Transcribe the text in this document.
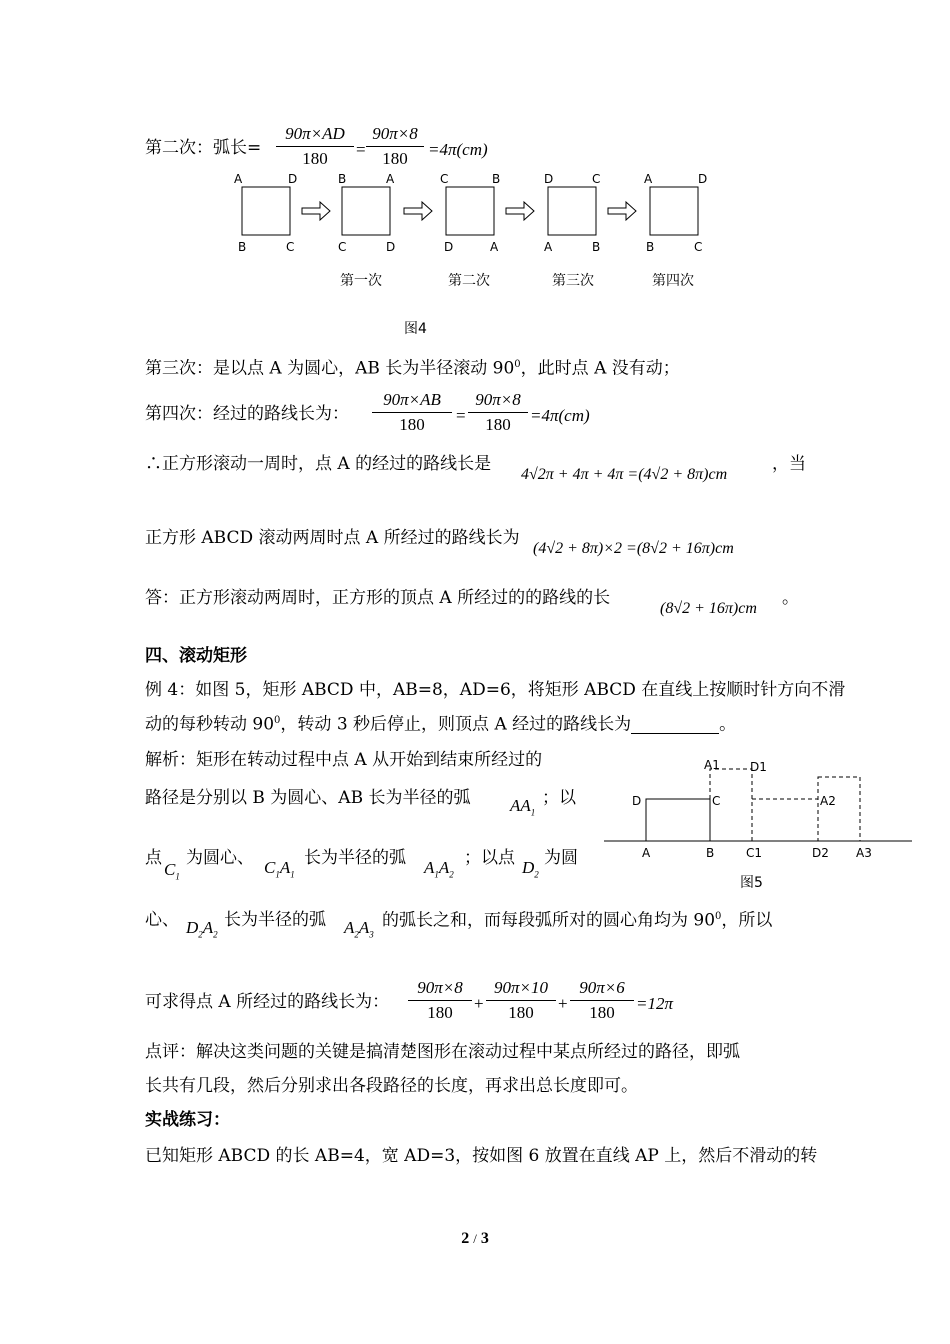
第二次：弧长=
90π×AD
180	=
90π×8
180	=4π(cm)
A	D
B	C
B	A
C	D
C	B
D	A
D	C
A	B
A	D
B	C
第一次	第二次	第三次	第四次
图4
第三次：是以点 A 为圆心，AB 长为半径滚动 $90^0$，此时点 A 没有动；
第四次：经过的路线长为：
90π×AB
180	=
90π×8
180	=4π(cm)
∴正方形滚动一周时，点 A 的经过的路线长是
4√2π + 4π + 4π =(4√2 + 8π)cm
，当
正方形 ABCD 滚动两周时点 A 所经过的路线长为
(4√2 + 8π)×2 =(8√2 + 16π)cm
答：正方形滚动两周时，正方形的顶点 A 所经过的的路线的长
(8√2 + 16π)cm
。
四、滚动矩形
例 4：如图 5，矩形 ABCD 中，AB=8，AD=6，将矩形 ABCD 在直线上按顺时针方向不滑
动的每秒转动 $90^0$，转动 3 秒后停止，则顶点 A 经过的路线长为	。
解析：矩形在转动过程中点 A 从开始到结束所经过的
路径是分别以 B 为圆心、AB 长为半径的弧 $AA_1$
；以
点
$C_1$
为圆心、 $C_1A_1$
长为半径的弧 $A_1A_2$
；以点 $D_2$
为圆
心、 $D_2A_2$
长为半径的弧 $A_2A_3$
的弧长之和，而每段弧所对的圆心角均为 $90^0$，所以
A1	D1
D	C	A2
A	B	C1	D2 A3
图5
可求得点 A 所经过的路线长为：
90π×8
180	+
90π×10
180	+
90π×6
180	=12π
点评：解决这类问题的关键是搞清楚图形在滚动过程中某点所经过的路径，即弧
长共有几段，然后分别求出各段路径的长度，再求出总长度即可。
实战练习：
已知矩形 ABCD 的长 AB=4，宽 AD=3，按如图 6 放置在直线 AP 上，然后不滑动的转
2 / 3
